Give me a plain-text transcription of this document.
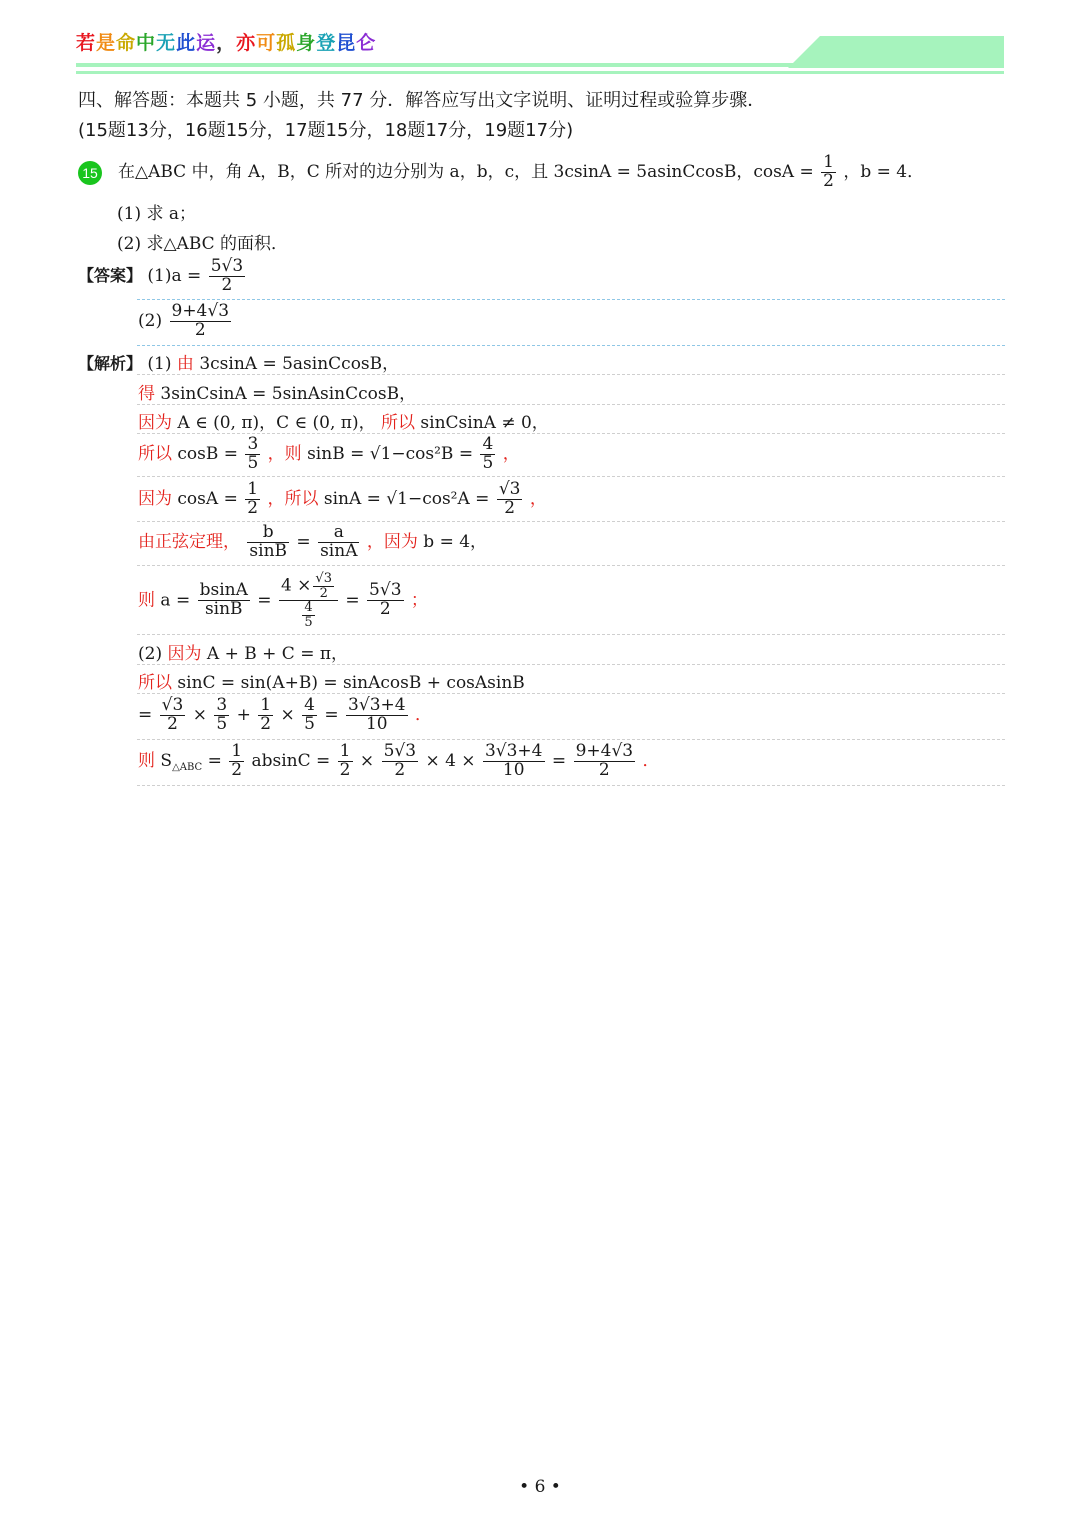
若是命中无此运，亦可孤身登昆仑
四、解答题：本题共 5 小题，共 77 分．解答应写出文字说明、证明过程或验算步骤．
(15题13分，16题15分，17题15分，18题17分，19题17分)
15 在△ABC 中，角 A，B，C 所对的边分别为 a，b，c，且 3csinA = 5asinCcosB，$\cos A = \frac{1}{2}$ ，b = 4．
(1) 求 a；
(2) 求△ABC 的面积．
【答案】 $(1)a = \frac{5√3}{2}$
$(2) \frac{9+4√3}{2}$
【解析】 (1) 由 3csinA = 5asinCcosB，
得 3sinCsinA = 5sinAsinCcosB，
因为 A ∈ (0, π)，C ∈ (0, π)， 所以 sinCsinA ≠ 0，
所以 $\cos B = \frac{3}{5}$ ，则 $\sin B = √1-\cos^2B = \frac{4}{5}$ ，
因为 $\cos A = \frac{1}{2}$ ，所以 $\sin A = √1-\cos^2A = \frac{√3}{2}$ ，
由正弦定理， $\frac{b}{\sin B} = \frac{a}{\sin A}$ ，因为 b = 4，
则 $a = \frac{bsinA}{\sin B} = \frac{4 \times \frac{√3}{2}}{\frac{4}{5}} = \frac{5√3}{2}$ ；
(2) 因为 A + B + C = π，
所以 sinC = sin(A+B) = sinAcosB + cosAsinB
= $\frac{√3}{2} \times \frac{3}{5} + \frac{1}{2} \times \frac{4}{5} = \frac{3√3+4}{10}$ ．
则 $S_{\triangle ABC} = \frac{1}{2}$ $absinC = \frac{1}{2} \times \frac{5√3}{2} \times 4 \times \frac{3√3+4}{10} = \frac{9+4√3}{2}$ ．
• 6 •
